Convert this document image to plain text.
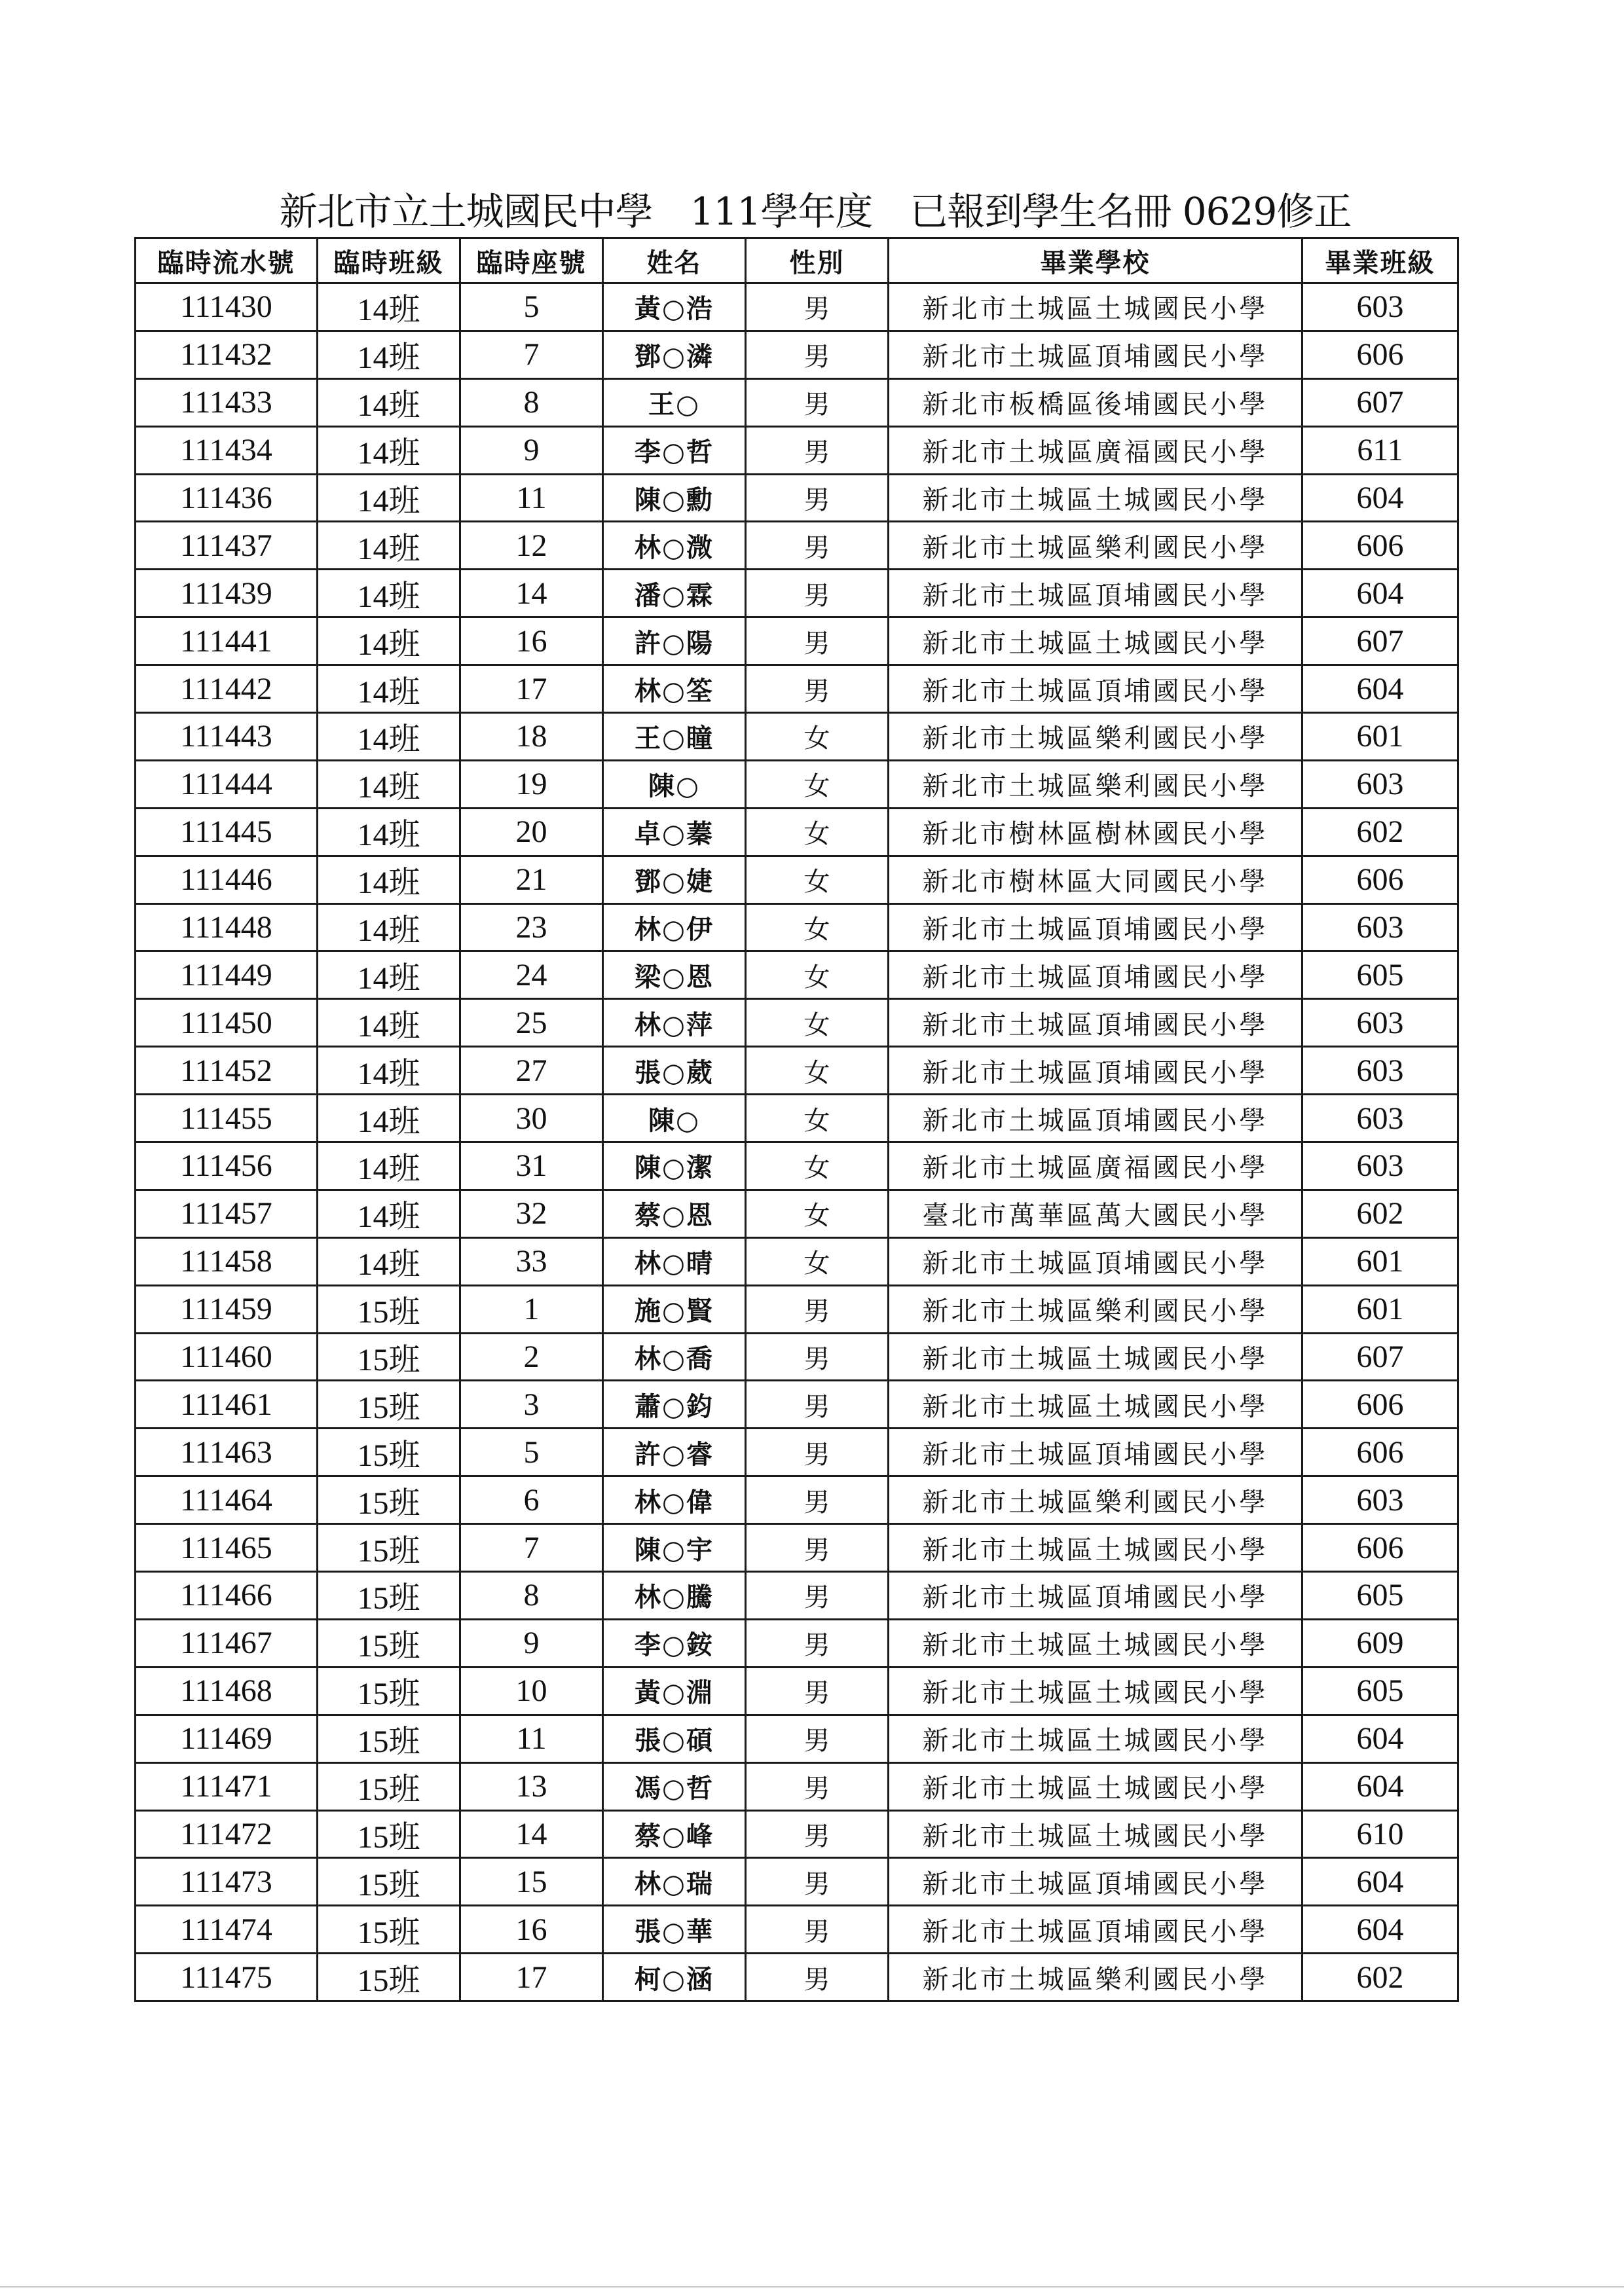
新北市立土城國民中學　111學年度　已報到學生名冊 0629修正
臨時流水號	臨時班級	臨時座號	姓名	性別	畢業學校	畢業班級
111430	14班	5	黃○浩	男	新北市土城區土城國民小學	603
111432	14班	7	鄧○潾	男	新北市土城區頂埔國民小學	606
111433	14班	8	王○	男	新北市板橋區後埔國民小學	607
111434	14班	9	李○哲	男	新北市土城區廣福國民小學	611
111436	14班	11	陳○勳	男	新北市土城區土城國民小學	604
111437	14班	12	林○溦	男	新北市土城區樂利國民小學	606
111439	14班	14	潘○霖	男	新北市土城區頂埔國民小學	604
111441	14班	16	許○陽	男	新北市土城區土城國民小學	607
111442	14班	17	林○筌	男	新北市土城區頂埔國民小學	604
111443	14班	18	王○瞳	女	新北市土城區樂利國民小學	601
111444	14班	19	陳○	女	新北市土城區樂利國民小學	603
111445	14班	20	卓○蓁	女	新北市樹林區樹林國民小學	602
111446	14班	21	鄧○婕	女	新北市樹林區大同國民小學	606
111448	14班	23	林○伊	女	新北市土城區頂埔國民小學	603
111449	14班	24	梁○恩	女	新北市土城區頂埔國民小學	605
111450	14班	25	林○萍	女	新北市土城區頂埔國民小學	603
111452	14班	27	張○葳	女	新北市土城區頂埔國民小學	603
111455	14班	30	陳○	女	新北市土城區頂埔國民小學	603
111456	14班	31	陳○潔	女	新北市土城區廣福國民小學	603
111457	14班	32	蔡○恩	女	臺北市萬華區萬大國民小學	602
111458	14班	33	林○晴	女	新北市土城區頂埔國民小學	601
111459	15班	1	施○賢	男	新北市土城區樂利國民小學	601
111460	15班	2	林○喬	男	新北市土城區土城國民小學	607
111461	15班	3	蕭○鈞	男	新北市土城區土城國民小學	606
111463	15班	5	許○睿	男	新北市土城區頂埔國民小學	606
111464	15班	6	林○偉	男	新北市土城區樂利國民小學	603
111465	15班	7	陳○宇	男	新北市土城區土城國民小學	606
111466	15班	8	林○騰	男	新北市土城區頂埔國民小學	605
111467	15班	9	李○銨	男	新北市土城區土城國民小學	609
111468	15班	10	黃○淵	男	新北市土城區土城國民小學	605
111469	15班	11	張○碩	男	新北市土城區土城國民小學	604
111471	15班	13	馮○哲	男	新北市土城區土城國民小學	604
111472	15班	14	蔡○峰	男	新北市土城區土城國民小學	610
111473	15班	15	林○瑞	男	新北市土城區頂埔國民小學	604
111474	15班	16	張○華	男	新北市土城區頂埔國民小學	604
111475	15班	17	柯○涵	男	新北市土城區樂利國民小學	602
